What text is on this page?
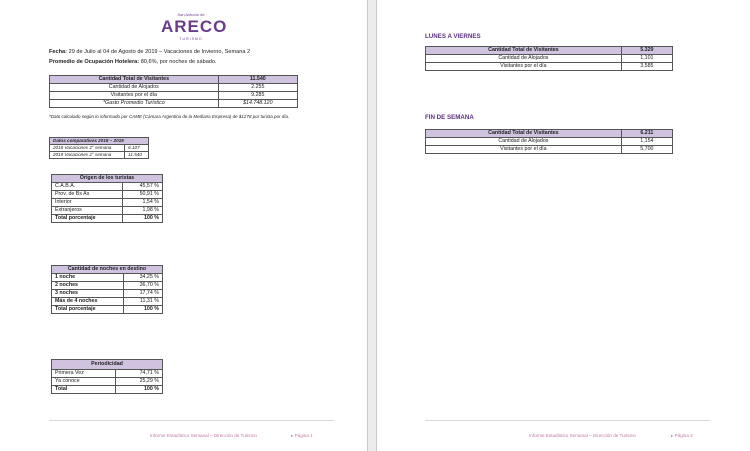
San Antonio de
ARECO
TURISMO
Fecha: 29 de Julio al 04 de Agosto de 2019 – Vacaciones de Invierno, Semana 2
Promedio de Ocupación Hotelera: 80,6%, por noches de sábado.
Cantidad Total de Visitantes	11.540
Cantidad de Alojados	2.255
Visitantes por el día	9.285
*Gasto Promedio Turístico	$14.748.120
*Dato calculado según lo informado por CAME (Cámara Argentina de la Mediana Empresa) de $1278 por turista por día.
Datos comparativos 2018 – 2019	
2018 Vacaciones 2° semana	6.107
2019 Vacaciones 2° semana	11.540
Origen de los turistas	
C.A.B.A.	45,57 %
Prov. de Bs As	50,91 %
Interior	1,54 %
Extranjeros	1,98 %
Total porcentaje	100 %
Cantidad de noches en destino	
1 noche	34,25 %
2 noches	36,70 %
3 noches	17,74 %
Más de 4 noches	11,31 %
Total porcentaje	100 %
Periodicidad	
Primera Vez	74,71 %
Ya conoce	25,29 %
Total	100 %
Informe Estadístico Semanal – Dirección de Turismo	▸ Página 1
LUNES A VIERNES
Cantidad Total de Visitantes	5.329
Cantidad de Alojados	1,101
Visitantes por el día	3,585
FIN DE SEMANA
Cantidad Total de Visitantes	6.211
Cantidad de Alojados	1,154
Visitantes por el día	5,700
Informe Estadístico Semanal – Dirección de Turismo	▸ Página 2
